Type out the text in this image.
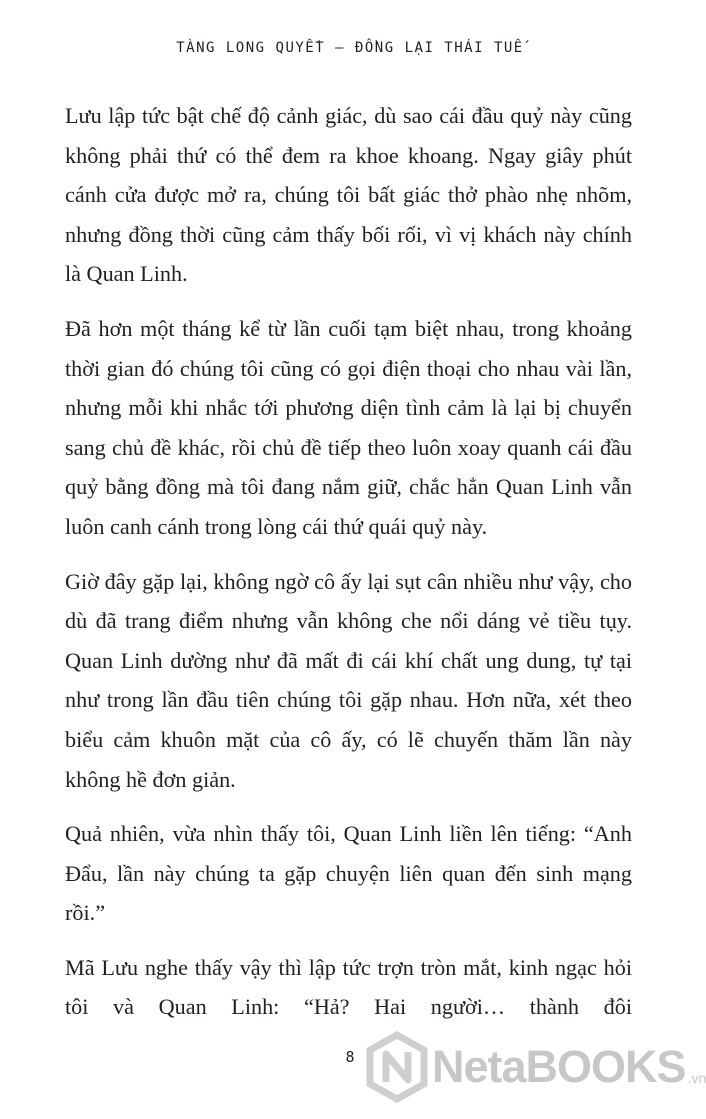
TÀNG LONG QUYẾT – ĐỒNG LẠI THÁI TUẾ

Lưu lập tức bật chế độ cảnh giác, dù sao cái đầu quỷ này cũng không phải thứ có thể đem ra khoe khoang. Ngay giây phút cánh cửa được mở ra, chúng tôi bất giác thở phào nhẹ nhõm, nhưng đồng thời cũng cảm thấy bối rối, vì vị khách này chính là Quan Linh.

Đã hơn một tháng kể từ lần cuối tạm biệt nhau, trong khoảng thời gian đó chúng tôi cũng có gọi điện thoại cho nhau vài lần, nhưng mỗi khi nhắc tới phương diện tình cảm là lại bị chuyển sang chủ đề khác, rồi chủ đề tiếp theo luôn xoay quanh cái đầu quỷ bằng đồng mà tôi đang nắm giữ, chắc hẳn Quan Linh vẫn luôn canh cánh trong lòng cái thứ quái quỷ này.

Giờ đây gặp lại, không ngờ cô ấy lại sụt cân nhiều như vậy, cho dù đã trang điểm nhưng vẫn không che nổi dáng vẻ tiều tụy. Quan Linh dường như đã mất đi cái khí chất ung dung, tự tại như trong lần đầu tiên chúng tôi gặp nhau. Hơn nữa, xét theo biểu cảm khuôn mặt của cô ấy, có lẽ chuyến thăm lần này không hề đơn giản.

Quả nhiên, vừa nhìn thấy tôi, Quan Linh liền lên tiếng: “Anh Đẩu, lần này chúng ta gặp chuyện liên quan đến sinh mạng rồi.”

Mã Lưu nghe thấy vậy thì lập tức trợn tròn mắt, kinh ngạc hỏi tôi và Quan Linh: “Hả? Hai người… thành đôi

8	NetaBOOKS .vn
